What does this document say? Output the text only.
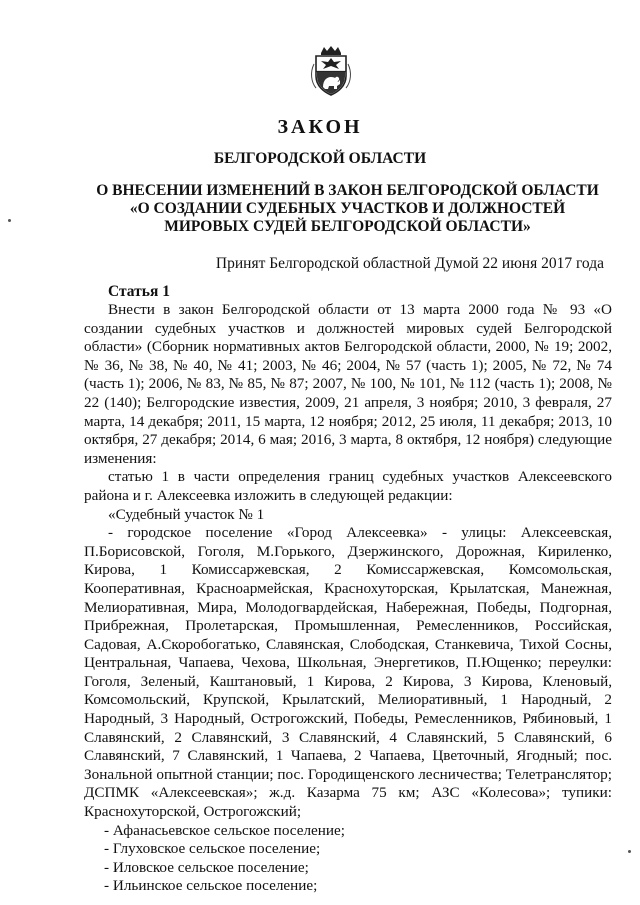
ЗАКОН
БЕЛГОРОДСКОЙ ОБЛАСТИ
О ВНЕСЕНИИ ИЗМЕНЕНИЙ В ЗАКОН БЕЛГОРОДСКОЙ ОБЛАСТИ
«О СОЗДАНИИ СУДЕБНЫХ УЧАСТКОВ И ДОЛЖНОСТЕЙ
МИРОВЫХ СУДЕЙ БЕЛГОРОДСКОЙ ОБЛАСТИ»
Принят Белгородской областной Думой 22 июня 2017 года
Статья 1

Внести в закон Белгородской области от 13 марта 2000 года № 93 «О создании судебных участков и должностей мировых судей Белгородской области» (Сборник нормативных актов Белгородской области, 2000, № 19; 2002, № 36, № 38, № 40, № 41; 2003, № 46; 2004, № 57 (часть 1); 2005, № 72, № 74 (часть 1); 2006, № 83, № 85, № 87; 2007, № 100, № 101, № 112 (часть 1); 2008, № 22 (140); Белгородские известия, 2009, 21 апреля, 3 ноября; 2010, 3 февраля, 27 марта, 14 декабря; 2011, 15 марта, 12 ноября; 2012, 25 июля, 11 декабря; 2013, 10 октября, 27 декабря; 2014, 6 мая; 2016, 3 марта, 8 октября, 12 ноября) следующие изменения:

статью 1 в части определения границ судебных участков Алексеевского района и г. Алексеевка изложить в следующей редакции:

«Судебный участок № 1

- городское поселение «Город Алексеевка» - улицы: Алексеевская, П.Борисовской, Гоголя, М.Горького, Дзержинского, Дорожная, Кириленко, Кирова, 1 Комиссаржевская, 2 Комиссаржевская, Комсомольская, Кооперативная, Красноармейская, Краснохуторская, Крылатская, Манежная, Мелиоративная, Мира, Молодогвардейская, Набережная, Победы, Подгорная, Прибрежная, Пролетарская, Промышленная, Ремесленников, Российская, Садовая, А.Скоробогатько, Славянская, Слободская, Станкевича, Тихой Сосны, Центральная, Чапаева, Чехова, Школьная, Энергетиков, П.Ющенко; переулки: Гоголя, Зеленый, Каштановый, 1 Кирова, 2 Кирова, 3 Кирова, Кленовый, Комсомольский, Крупской, Крылатский, Мелиоративный, 1 Народный, 2 Народный, 3 Народный, Острогожский, Победы, Ремесленников, Рябиновый, 1 Славянский, 2 Славянский, 3 Славянский, 4 Славянский, 5 Славянский, 6 Славянский, 7 Славянский, 1 Чапаева, 2 Чапаева, Цветочный, Ягодный; пос. Зональной опытной станции; пос. Городищенского лесничества; Телетранслятор; ДСПМК «Алексеевская»; ж.д. Казарма 75 км; АЗС «Колесова»; тупики: Краснохуторской, Острогожский;

- Афанасьевское сельское поселение;

- Глуховское сельское поселение;

- Иловское сельское поселение;

- Ильинское сельское поселение;
